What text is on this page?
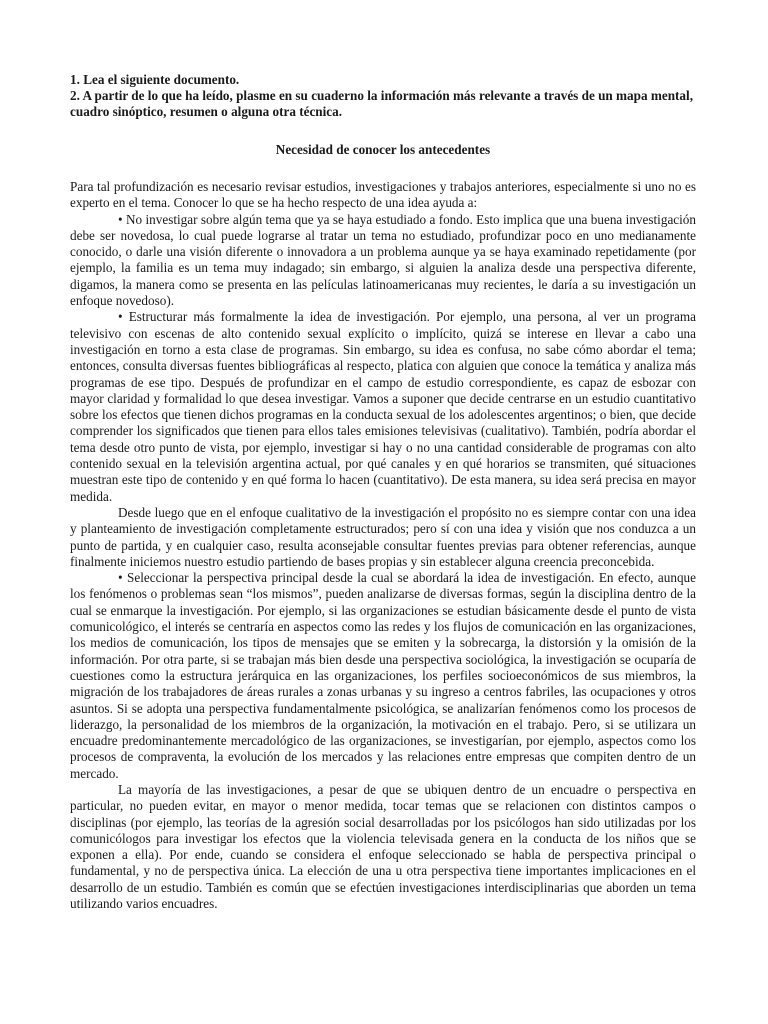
1. Lea el siguiente documento.

2. A partir de lo que ha leído, plasme en su cuaderno la información más relevante a través de un mapa mental, cuadro sinóptico, resumen o alguna otra técnica.

Necesidad de conocer los antecedentes

Para tal profundización es necesario revisar estudios, investigaciones y trabajos anteriores, especialmente si uno no es experto en el tema. Conocer lo que se ha hecho respecto de una idea ayuda a:

• No investigar sobre algún tema que ya se haya estudiado a fondo. Esto implica que una buena investigación debe ser novedosa, lo cual puede lograrse al tratar un tema no estudiado, profundizar poco en uno medianamente conocido, o darle una visión diferente o innovadora a un problema aunque ya se haya examinado repetidamente (por ejemplo, la familia es un tema muy indagado; sin embargo, si alguien la analiza desde una perspectiva diferente, digamos, la manera como se presenta en las películas latinoamericanas muy recientes, le daría a su investigación un enfoque novedoso).

• Estructurar más formalmente la idea de investigación. Por ejemplo, una persona, al ver un programa televisivo con escenas de alto contenido sexual explícito o implícito, quizá se interese en llevar a cabo una investigación en torno a esta clase de programas. Sin embargo, su idea es confusa, no sabe cómo abordar el tema; entonces, consulta diversas fuentes bibliográficas al respecto, platica con alguien que conoce la temática y analiza más programas de ese tipo. Después de profundizar en el campo de estudio correspondiente, es capaz de esbozar con mayor claridad y formalidad lo que desea investigar. Vamos a suponer que decide centrarse en un estudio cuantitativo sobre los efectos que tienen dichos programas en la conducta sexual de los adolescentes argentinos; o bien, que decide comprender los significados que tienen para ellos tales emisiones televisivas (cualitativo). También, podría abordar el tema desde otro punto de vista, por ejemplo, investigar si hay o no una cantidad considerable de programas con alto contenido sexual en la televisión argentina actual, por qué canales y en qué horarios se transmiten, qué situaciones muestran este tipo de contenido y en qué forma lo hacen (cuantitativo). De esta manera, su idea será precisa en mayor medida.

Desde luego que en el enfoque cualitativo de la investigación el propósito no es siempre contar con una idea y planteamiento de investigación completamente estructurados; pero sí con una idea y visión que nos conduzca a un punto de partida, y en cualquier caso, resulta aconsejable consultar fuentes previas para obtener referencias, aunque finalmente iniciemos nuestro estudio partiendo de bases propias y sin establecer alguna creencia preconcebida.

• Seleccionar la perspectiva principal desde la cual se abordará la idea de investigación. En efecto, aunque los fenómenos o problemas sean “los mismos”, pueden analizarse de diversas formas, según la disciplina dentro de la cual se enmarque la investigación. Por ejemplo, si las organizaciones se estudian básicamente desde el punto de vista comunicológico, el interés se centraría en aspectos como las redes y los flujos de comunicación en las organizaciones, los medios de comunicación, los tipos de mensajes que se emiten y la sobrecarga, la distorsión y la omisión de la información. Por otra parte, si se trabajan más bien desde una perspectiva sociológica, la investigación se ocuparía de cuestiones como la estructura jerárquica en las organizaciones, los perfiles socioeconómicos de sus miembros, la migración de los trabajadores de áreas rurales a zonas urbanas y su ingreso a centros fabriles, las ocupaciones y otros asuntos. Si se adopta una perspectiva fundamentalmente psicológica, se analizarían fenómenos como los procesos de liderazgo, la personalidad de los miembros de la organización, la motivación en el trabajo. Pero, si se utilizara un encuadre predominantemente mercadológico de las organizaciones, se investigarían, por ejemplo, aspectos como los procesos de compraventa, la evolución de los mercados y las relaciones entre empresas que compiten dentro de un mercado.

La mayoría de las investigaciones, a pesar de que se ubiquen dentro de un encuadre o perspectiva en particular, no pueden evitar, en mayor o menor medida, tocar temas que se relacionen con distintos campos o disciplinas (por ejemplo, las teorías de la agresión social desarrolladas por los psicólogos han sido utilizadas por los comunicólogos para investigar los efectos que la violencia televisada genera en la conducta de los niños que se exponen a ella). Por ende, cuando se considera el enfoque seleccionado se habla de perspectiva principal o fundamental, y no de perspectiva única. La elección de una u otra perspectiva tiene importantes implicaciones en el desarrollo de un estudio. También es común que se efectúen investigaciones interdisciplinarias que aborden un tema utilizando varios encuadres.
